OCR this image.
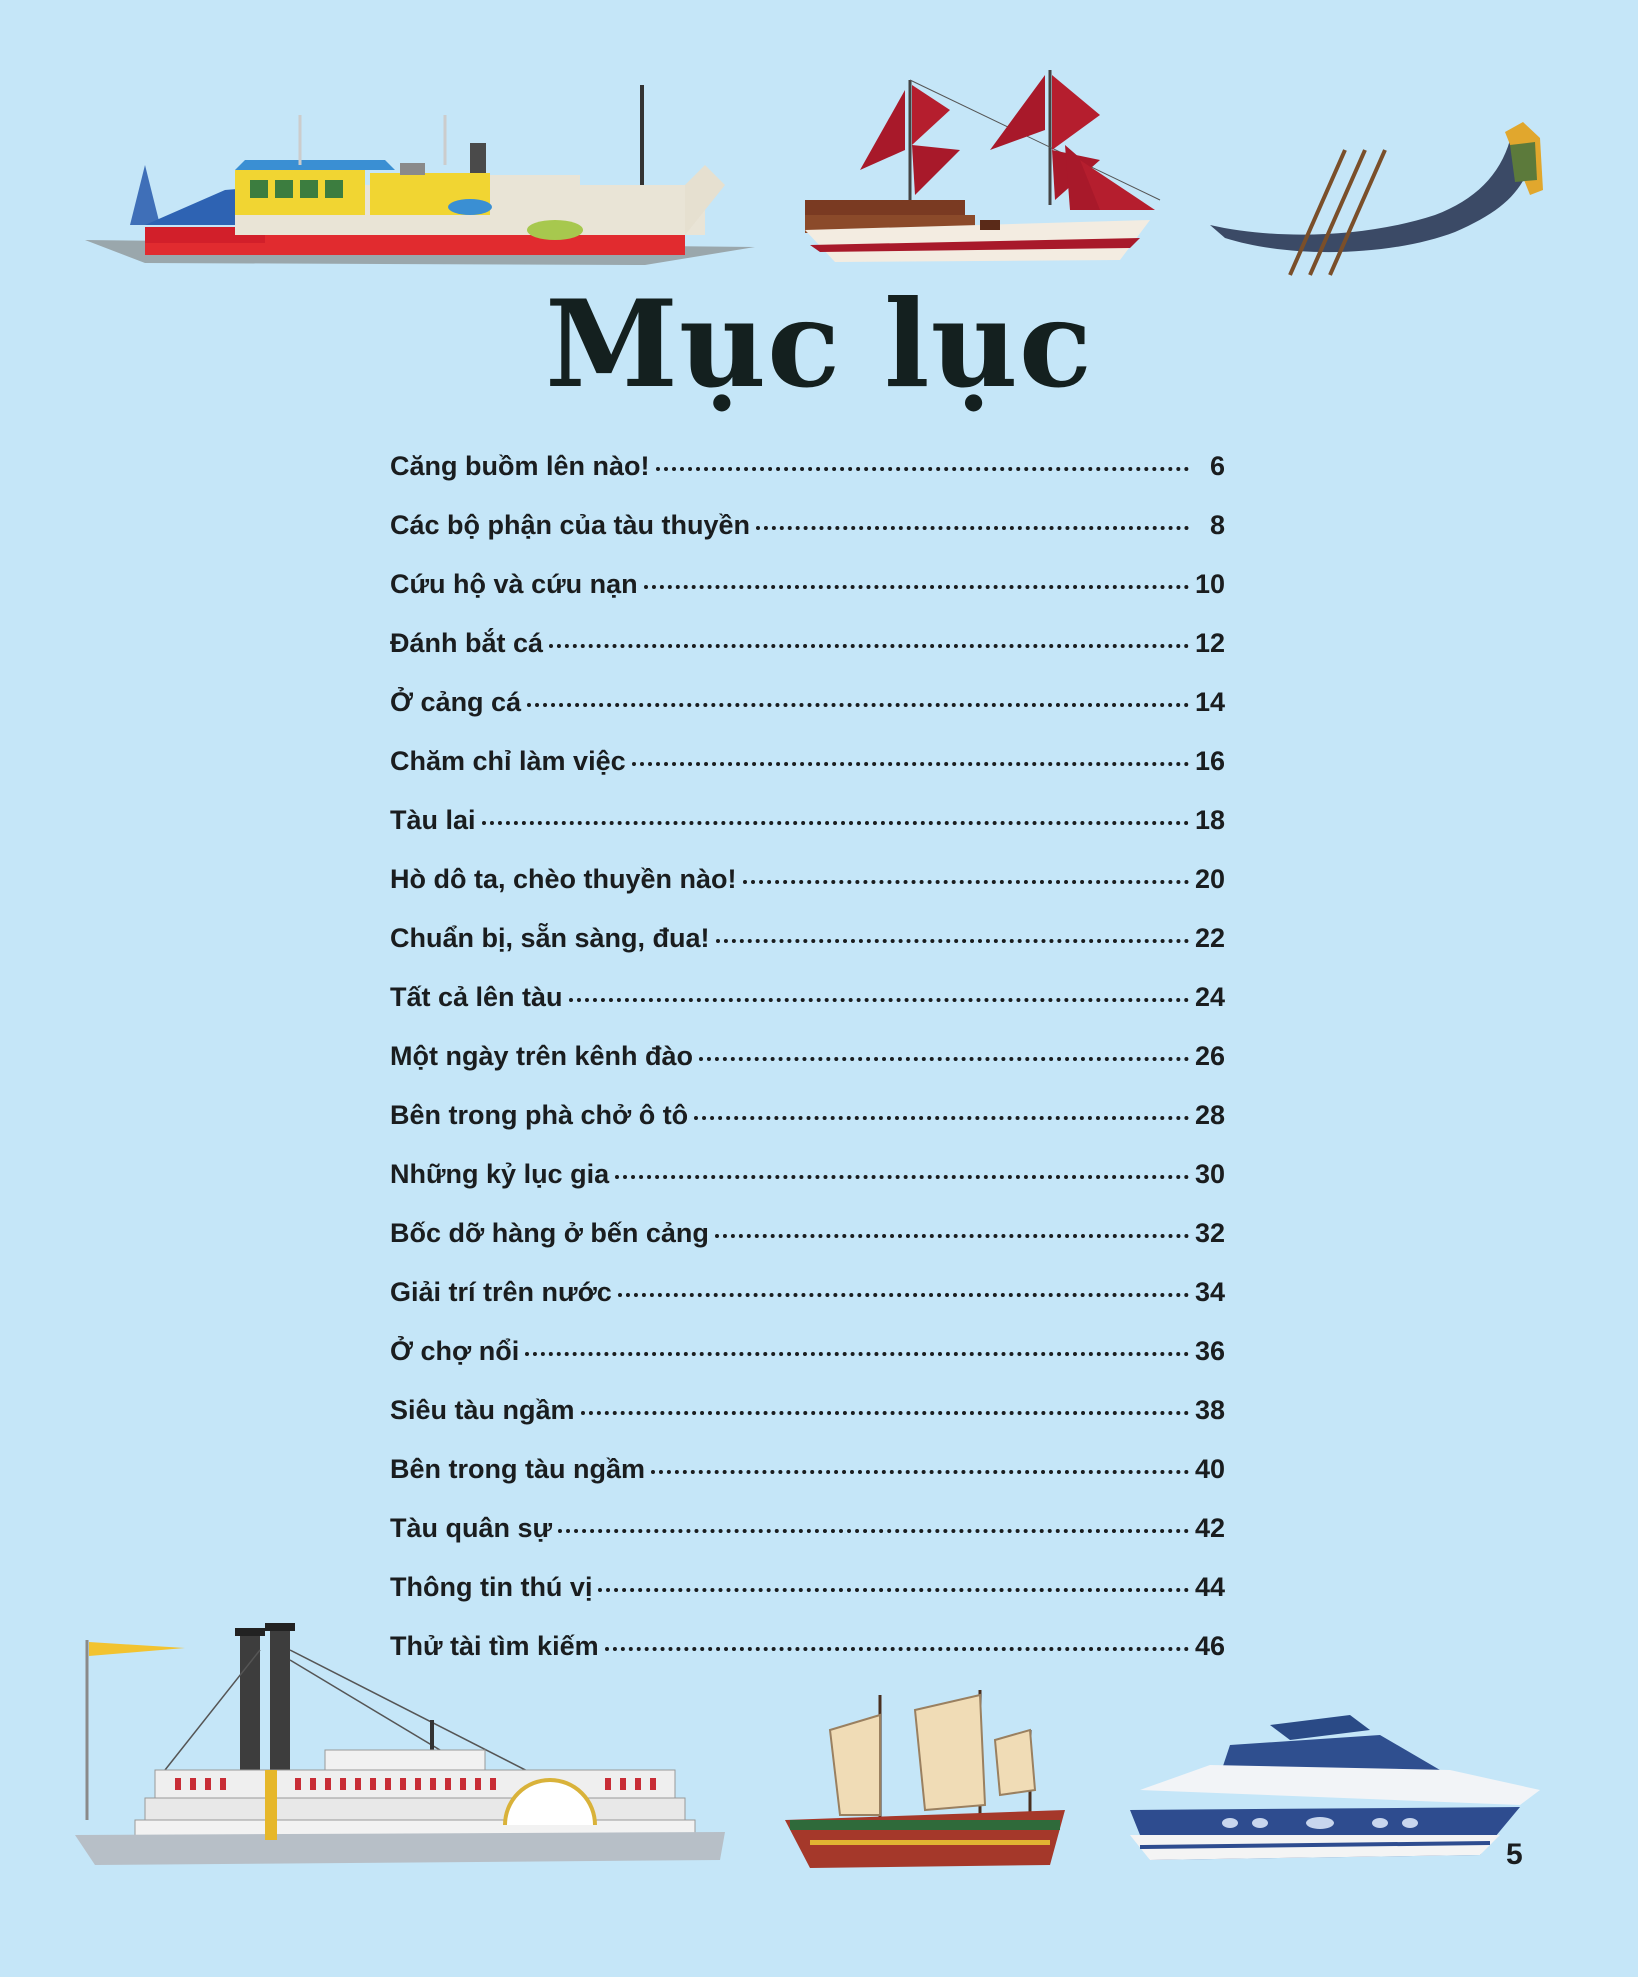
Mục lục
Căng buồm lên nào!	6
Các bộ phận của tàu thuyền	8
Cứu hộ và cứu nạn	10
Đánh bắt cá	12
Ở cảng cá	14
Chăm chỉ làm việc	16
Tàu lai	18
Hò dô ta, chèo thuyền nào!	20
Chuẩn bị, sẵn sàng, đua!	22
Tất cả lên tàu	24
Một ngày trên kênh đào	26
Bên trong phà chở ô tô	28
Những kỷ lục gia	30
Bốc dỡ hàng ở bến cảng	32
Giải trí trên nước	34
Ở chợ nổi	36
Siêu tàu ngầm	38
Bên trong tàu ngầm	40
Tàu quân sự	42
Thông tin thú vị	44
Thử tài tìm kiếm	46
5
